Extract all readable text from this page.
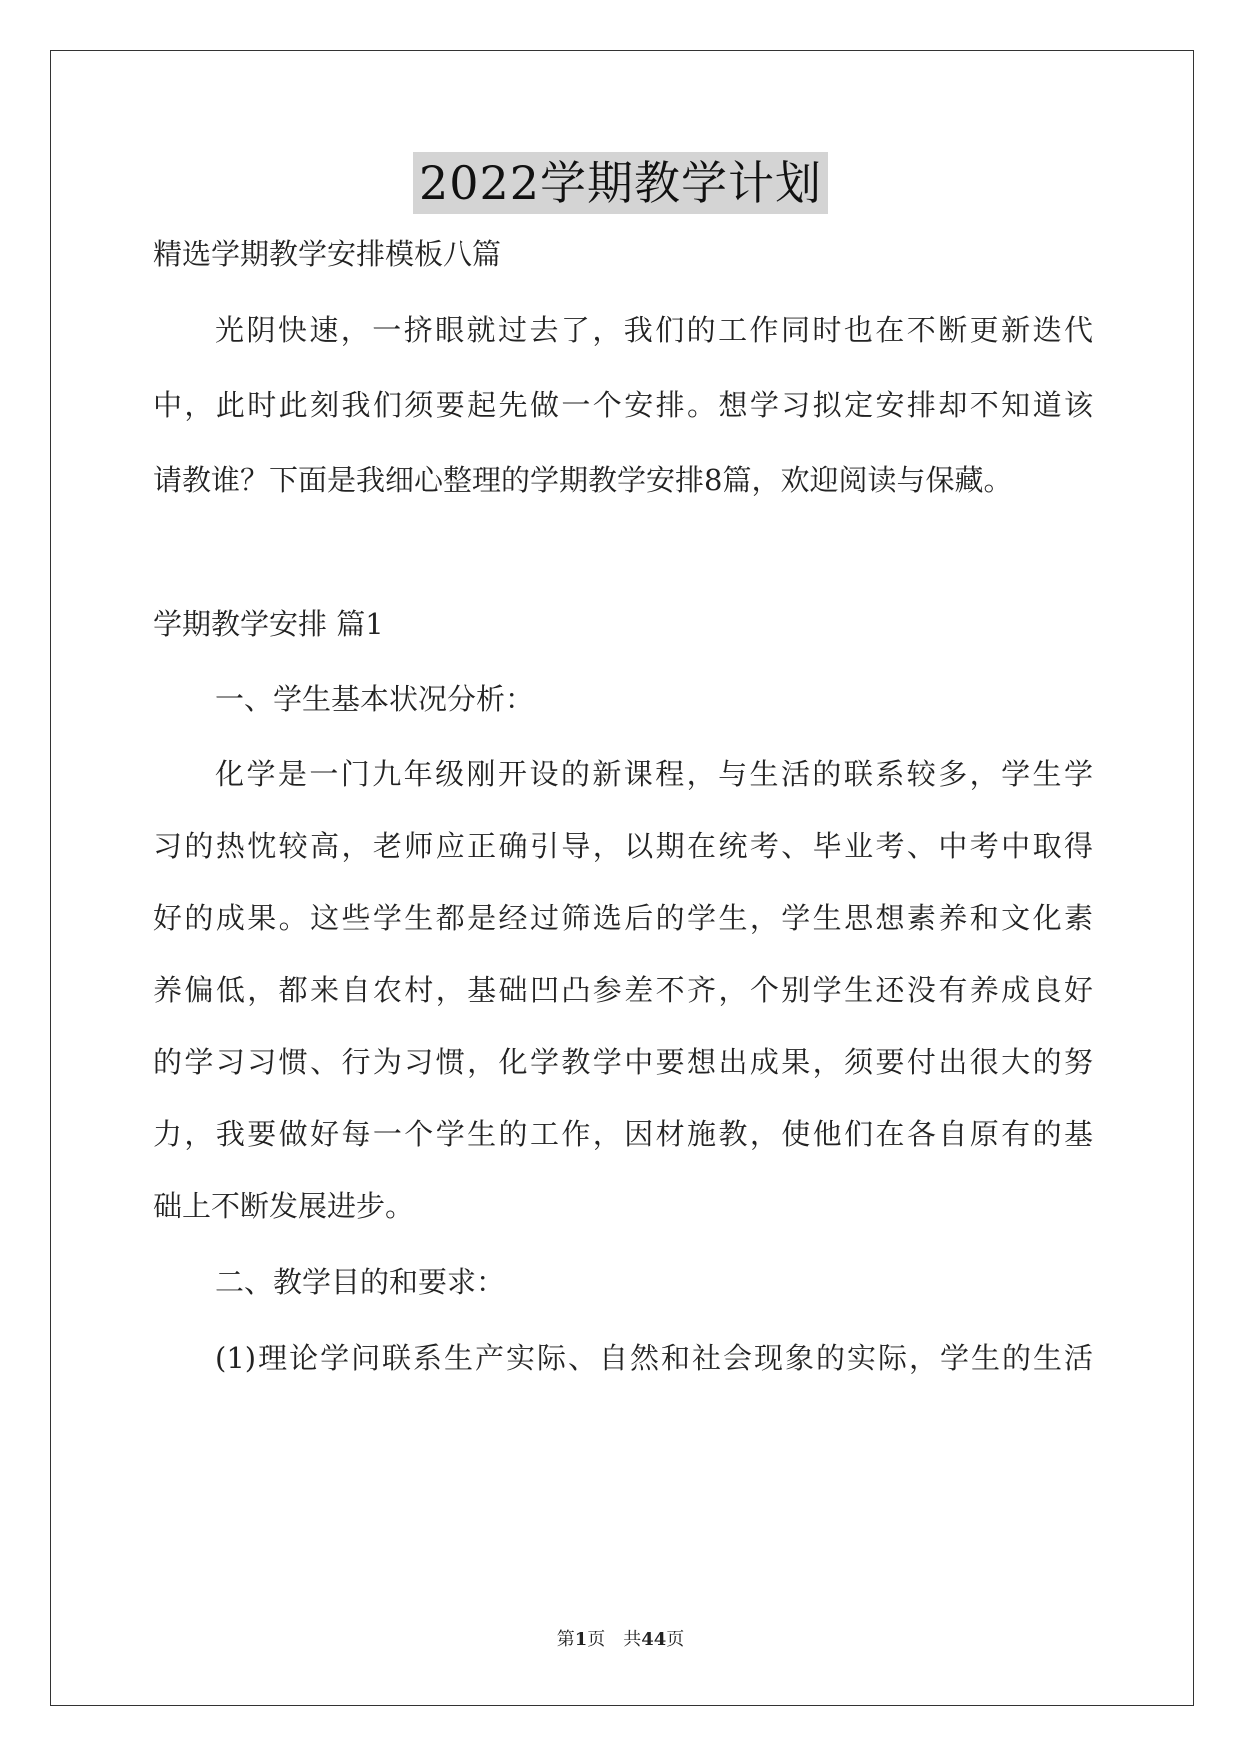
2022学期教学计划
精选学期教学安排模板八篇
光阴快速，一挤眼就过去了，我们的工作同时也在不断更新迭代
中，此时此刻我们须要起先做一个安排。想学习拟定安排却不知道该
请教谁？下面是我细心整理的学期教学安排8篇，欢迎阅读与保藏。
学期教学安排 篇1
一、学生基本状况分析：
化学是一门九年级刚开设的新课程，与生活的联系较多，学生学
习的热忱较高，老师应正确引导，以期在统考、毕业考、中考中取得
好的成果。这些学生都是经过筛选后的学生，学生思想素养和文化素
养偏低，都来自农村，基础凹凸参差不齐，个别学生还没有养成良好
的学习习惯、行为习惯，化学教学中要想出成果，须要付出很大的努
力，我要做好每一个学生的工作，因材施教，使他们在各自原有的基
础上不断发展进步。
二、教学目的和要求：
(1)理论学问联系生产实际、自然和社会现象的实际，学生的生活
第1页　共44页
